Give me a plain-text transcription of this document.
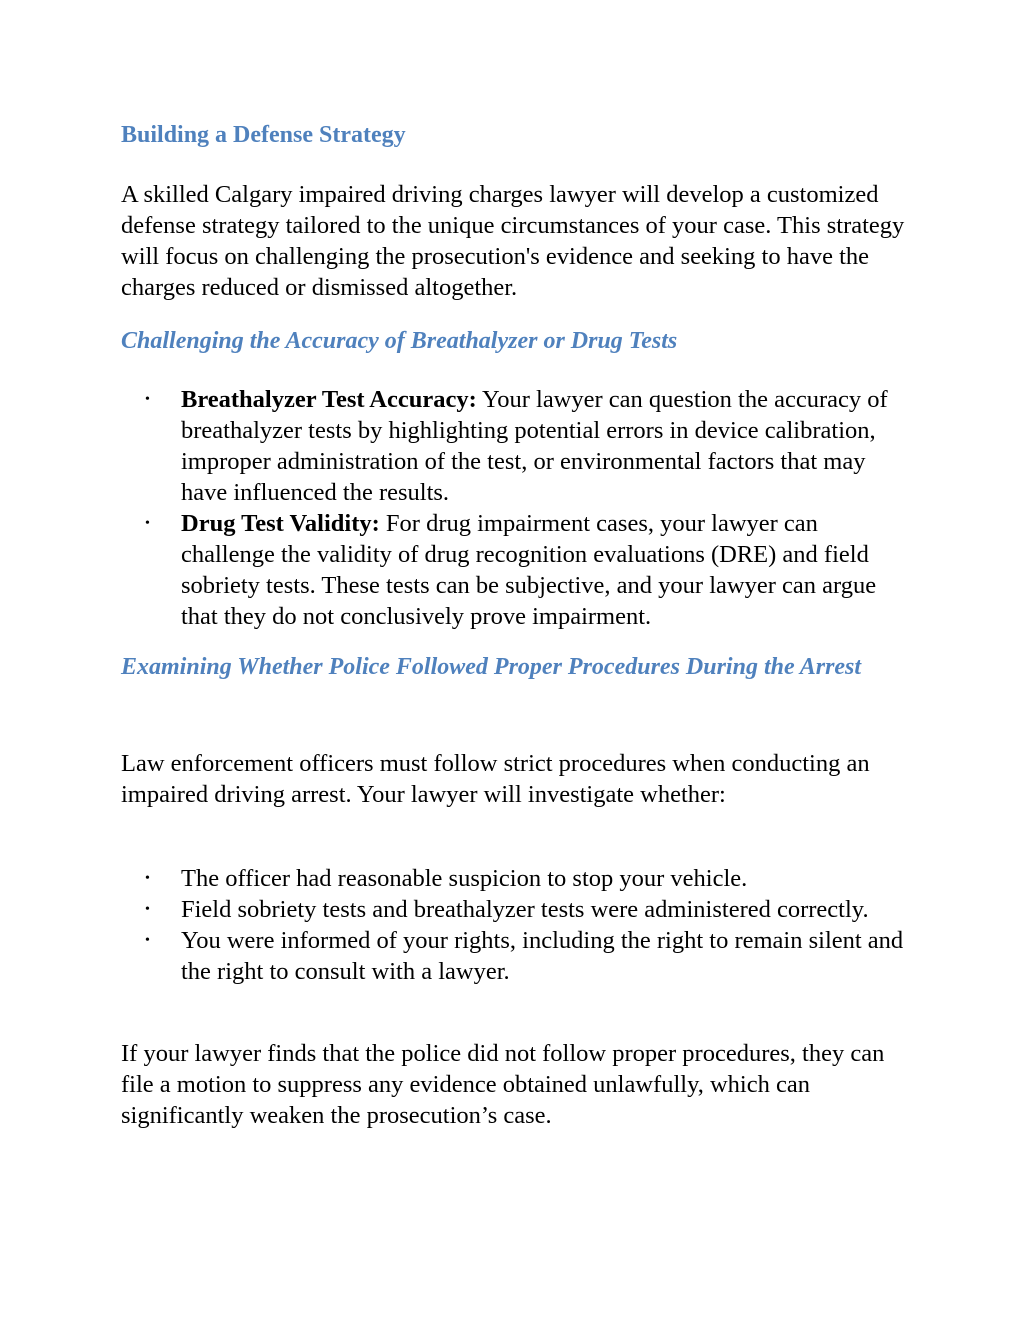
Building a Defense Strategy

A skilled Calgary impaired driving charges lawyer will develop a customized defense strategy tailored to the unique circumstances of your case. This strategy will focus on challenging the prosecution's evidence and seeking to have the charges reduced or dismissed altogether.

Challenging the Accuracy of Breathalyzer or Drug Tests
• Breathalyzer Test Accuracy: Your lawyer can question the accuracy of breathalyzer tests by highlighting potential errors in device calibration, improper administration of the test, or environmental factors that may have influenced the results.
• Drug Test Validity: For drug impairment cases, your lawyer can challenge the validity of drug recognition evaluations (DRE) and field sobriety tests. These tests can be subjective, and your lawyer can argue that they do not conclusively prove impairment.
Examining Whether Police Followed Proper Procedures During the Arrest

Law enforcement officers must follow strict procedures when conducting an impaired driving arrest. Your lawyer will investigate whether:

• The officer had reasonable suspicion to stop your vehicle.
• Field sobriety tests and breathalyzer tests were administered correctly.
• You were informed of your rights, including the right to remain silent and the right to consult with a lawyer.

If your lawyer finds that the police did not follow proper procedures, they can file a motion to suppress any evidence obtained unlawfully, which can significantly weaken the prosecution’s case.
